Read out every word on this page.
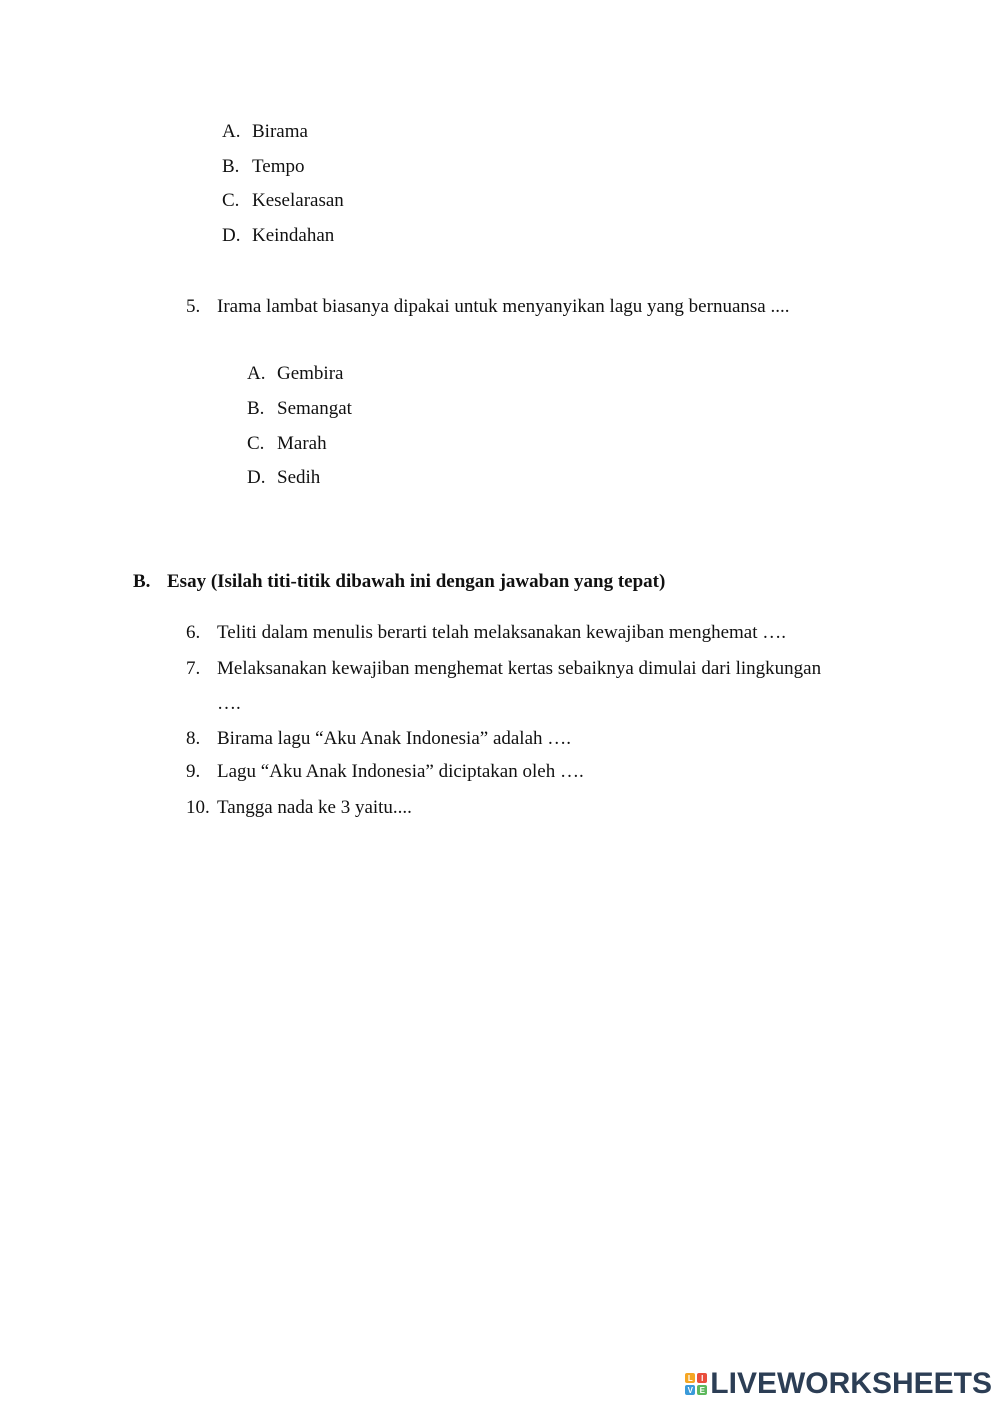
A. Birama
B. Tempo
C. Keselarasan
D. Keindahan
5. Irama lambat biasanya dipakai untuk menyanyikan lagu yang bernuansa ....
A. Gembira
B. Semangat
C. Marah
D. Sedih
B. Esay (Isilah titi-titik dibawah ini dengan jawaban yang tepat)
6. Teliti dalam menulis berarti telah melaksanakan kewajiban menghemat ….
7. Melaksanakan kewajiban menghemat kertas sebaiknya dimulai dari lingkungan
….
8. Birama lagu “Aku Anak Indonesia” adalah ….
9. Lagu “Aku Anak Indonesia” diciptakan oleh ….
10. Tangga nada ke 3 yaitu....
L	I
V E LIVEWORKSHEETS
